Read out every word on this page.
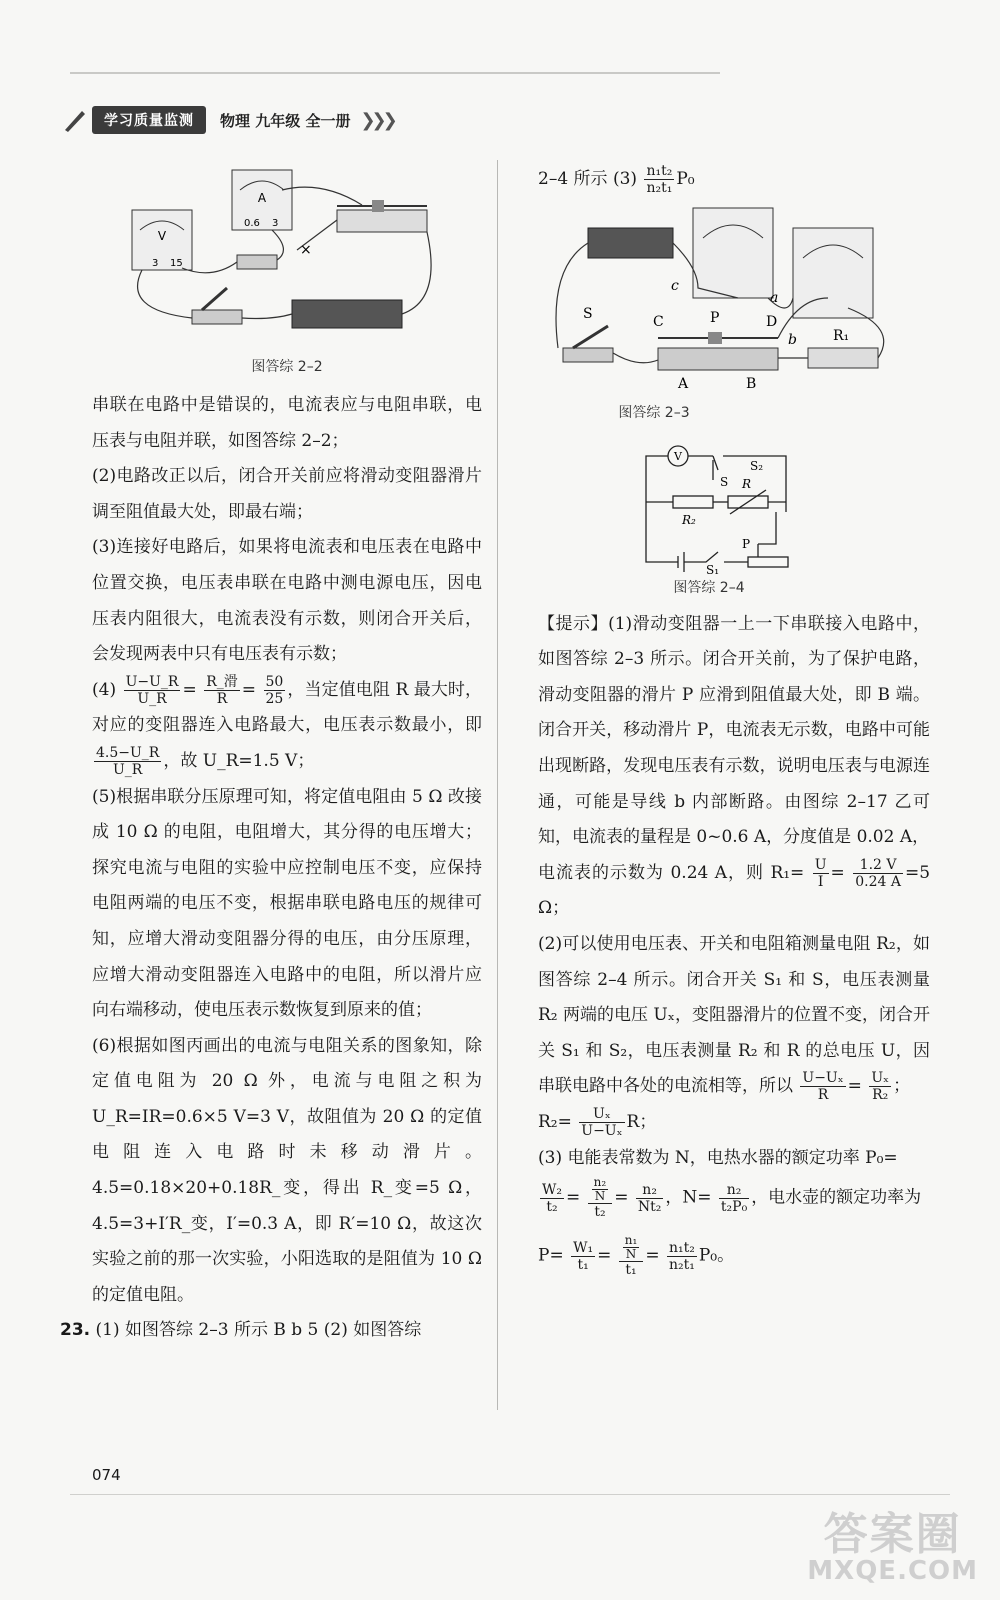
学习质量监测	物理 九年级 全一册 ❯❯❯
V
3 15
A
0.6 3
×
图答综 2–2

串联在电路中是错误的，电流表应与电阻串联，电压表与电阻并联，如图答综 2–2；

(2)电路改正以后，闭合开关前应将滑动变阻器滑片调至阻值最大处，即最右端；

(3)连接好电路后，如果将电流表和电压表在电路中位置交换，电压表串联在电路中测电源电压，因电压表内阻很大，电流表没有示数，则闭合开关后，会发现两表中只有电压表有示数；

$(4) \frac{U-U\_R}{U\_R} = \frac{\text{R\_滑}}{R} = \frac{50}{25}$ ，当定值电阻 R 最大时，对应的变阻器连入电路最大，电压表示数最小，即
$\frac{4.5-U\_R}{U\_R}$ ，故 U_R=1.5 V；

(5)根据串联分压原理可知，将定值电阻由 5 Ω 改接成 10 Ω 的电阻，电阻增大，其分得的电压增大；探究电流与电阻的实验中应控制电压不变，应保持电阻两端的电压不变，根据串联电路电压的规律可知，应增大滑动变阻器分得的电压，由分压原理，应增大滑动变阻器连入电路中的电阻，所以滑片应向右端移动，使电压表示数恢复到原来的值；

(6)根据如图丙画出的电流与电阻关系的图象知，除定值电阻为 20 Ω 外，电流与电阻之积为 U_R=IR=0.6×5 V=3 V，故阻值为 20 Ω 的定值电阻连入电路时未移动滑片。4.5=0.18×20+0.18R_变，得出 R_变=5 Ω，4.5=3+I′R_变，I′=0.3 A，即 R′=10 Ω，故这次实验之前的那一次实验，小阳选取的是阻值为 10 Ω 的定值电阻。

23. (1) 如图答综 2–3 所示 B b 5 (2) 如图答综

2–4 所示 $(3) \frac{\text{n₁t₂}}{\text{n₂t₁}} P_0$

S	C	P	D
A	B
R₁
c
a
b
图答综 2–3
V
S
S₂
R
R₂
S₁
P
图答综 2–4

【提示】(1)滑动变阻器一上一下串联接入电路中，如图答综 2–3 所示。闭合开关前，为了保护电路，滑动变阻器的滑片 P 应滑到阻值最大处，即 B 端。闭合开关，移动滑片 P，电流表无示数，电路中可能出现断路，发现电压表有示数，说明电压表与电源连通，可能是导线 b 内部断路。由图综 2–17 乙可知，电流表的量程是 0~0.6 A，分度值是 0.02 A，

电流表的示数为 0.24 A，则 $R_1= \frac{U}{I} = \frac{1.2 V}{0.24 A} =5$ Ω；

(2)可以使用电压表、开关和电阻箱测量电阻 R₂，如图答综 2–4 所示。闭合开关 S₁ 和 S，电压表测量 R₂ 两端的电压 Uₓ，变阻器滑片的位置不变，闭合开关 S₁ 和 S₂，电压表测量 R₂ 和 R 的总电压 U，因串联电路中各处的电流相等，所以 $\frac{\text{U−Uₓ}}{R} = \frac{\text{Uₓ}}{\text{R₂}}$ ；

$R_2= \frac{\text{Uₓ}}{\text{U−Uₓ}}$ R；

(3) 电能表常数为 N，电热水器的额定功率 P₀=

$\frac{\text{W₂}}{\text{t₂}} = \frac{\frac{\text{n₂}}{N}}{\text{t₂}} = \frac{\text{n₂}}{\text{Nt₂}}$ ，$N= \frac{\text{n₂}}{\text{t₂P₀}}$ ，电水壶的额定功率为

$P= \frac{\text{W₁}}{\text{t₁}} = \frac{\frac{\text{n₁}}{N}}{\text{t₁}} = \frac{\text{n₁t₂}}{\text{n₂t₁}} P_0$。

074
答案圈
MXQE.COM
